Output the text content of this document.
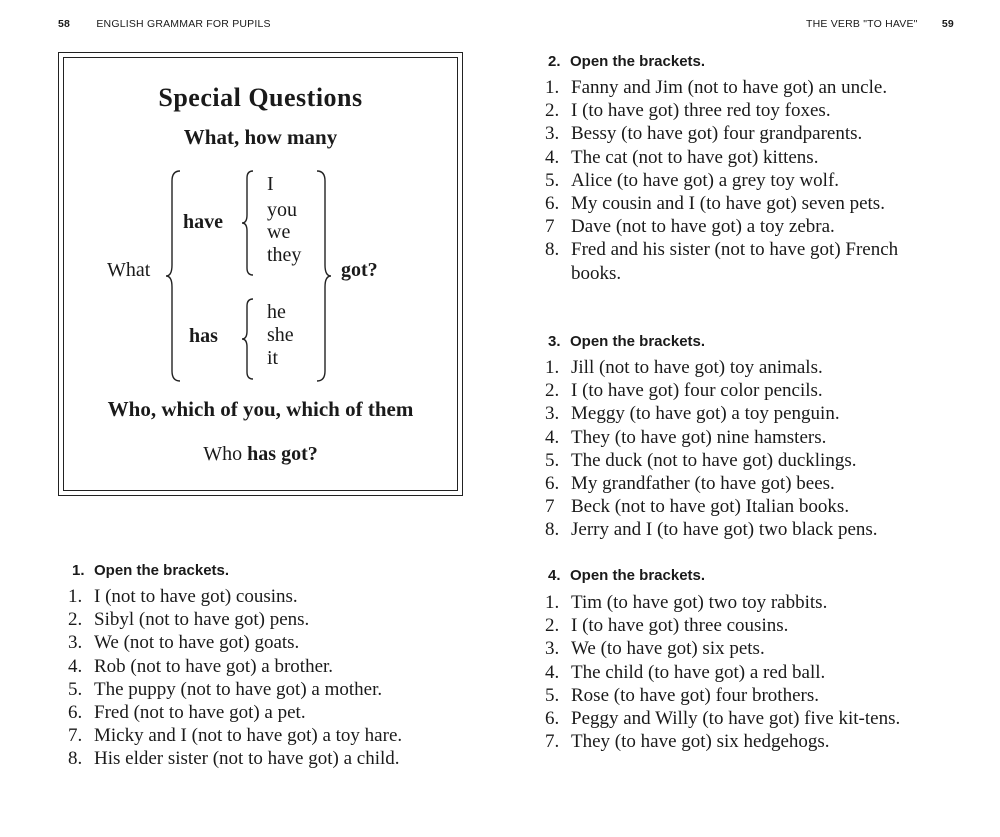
58	ENGLISH GRAMMAR FOR PUPILS
Special Questions
What, how many
What
have
I
you
we
they
has
he
she
it
got?
Who, which of you, which of them
Who has got?
1. Open the brackets.
1. I (not to have got) cousins.
2. Sibyl (not to have got) pens.
3. We (not to have got) goats.
4. Rob (not to have got) a brother.
5. The puppy (not to have got) a mother.
6. Fred (not to have got) a pet.
7. Micky and I (not to have got) a toy hare.
8. His elder sister (not to have got) a child.
THE VERB "TO HAVE" 59
2. Open the brackets.
1. Fanny and Jim (not to have got) an uncle.
2. I (to have got) three red toy foxes.
3. Bessy (to have got) four grandparents.
4. The cat (not to have got) kittens.
5. Alice (to have got) a grey toy wolf.
6. My cousin and I (to have got) seven pets.
7 Dave (not to have got) a toy zebra.
8. Fred and his sister (not to have got) French books.
3. Open the brackets.
1. Jill (not to have got) toy animals.
2. I (to have got) four color pencils.
3. Meggy (to have got) a toy penguin.
4. They (to have got) nine hamsters.
5. The duck (not to have got) ducklings.
6. My grandfather (to have got) bees.
7 Beck (not to have got) Italian books.
8. Jerry and I (to have got) two black pens.
4. Open the brackets.
1. Tim (to have got) two toy rabbits.
2. I (to have got) three cousins.
3. We (to have got) six pets.
4. The child (to have got) a red ball.
5. Rose (to have got) four brothers.
6. Peggy and Willy (to have got) five kit-tens.
7. They (to have got) six hedgehogs.
